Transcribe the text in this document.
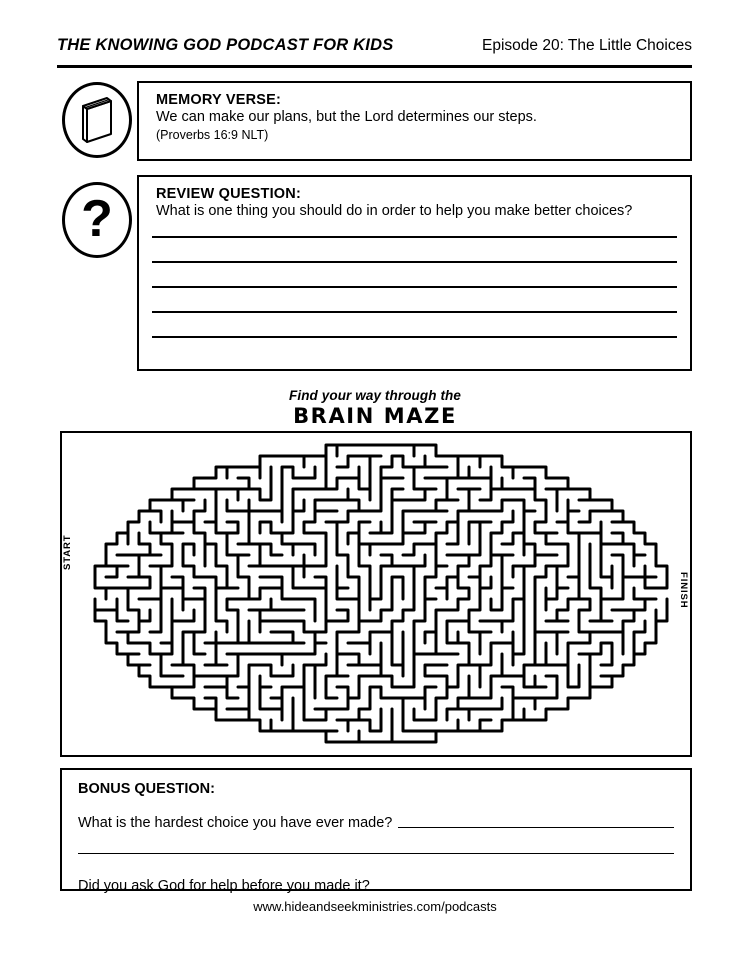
THE KNOWING GOD PODCAST FOR KIDS	Episode 20: The Little Choices
MEMORY VERSE:
We can make our plans, but the Lord determines our steps.
(Proverbs 16:9 NLT)
?	REVIEW QUESTION:
What is one thing you should do in order to help you make better choices?
Find your way through the
BRAIN MAZE
START
FINISH
BONUS QUESTION:
What is the hardest choice you have ever made?
Did you ask God for help before you made it?
www.hideandseekministries.com/podcasts
